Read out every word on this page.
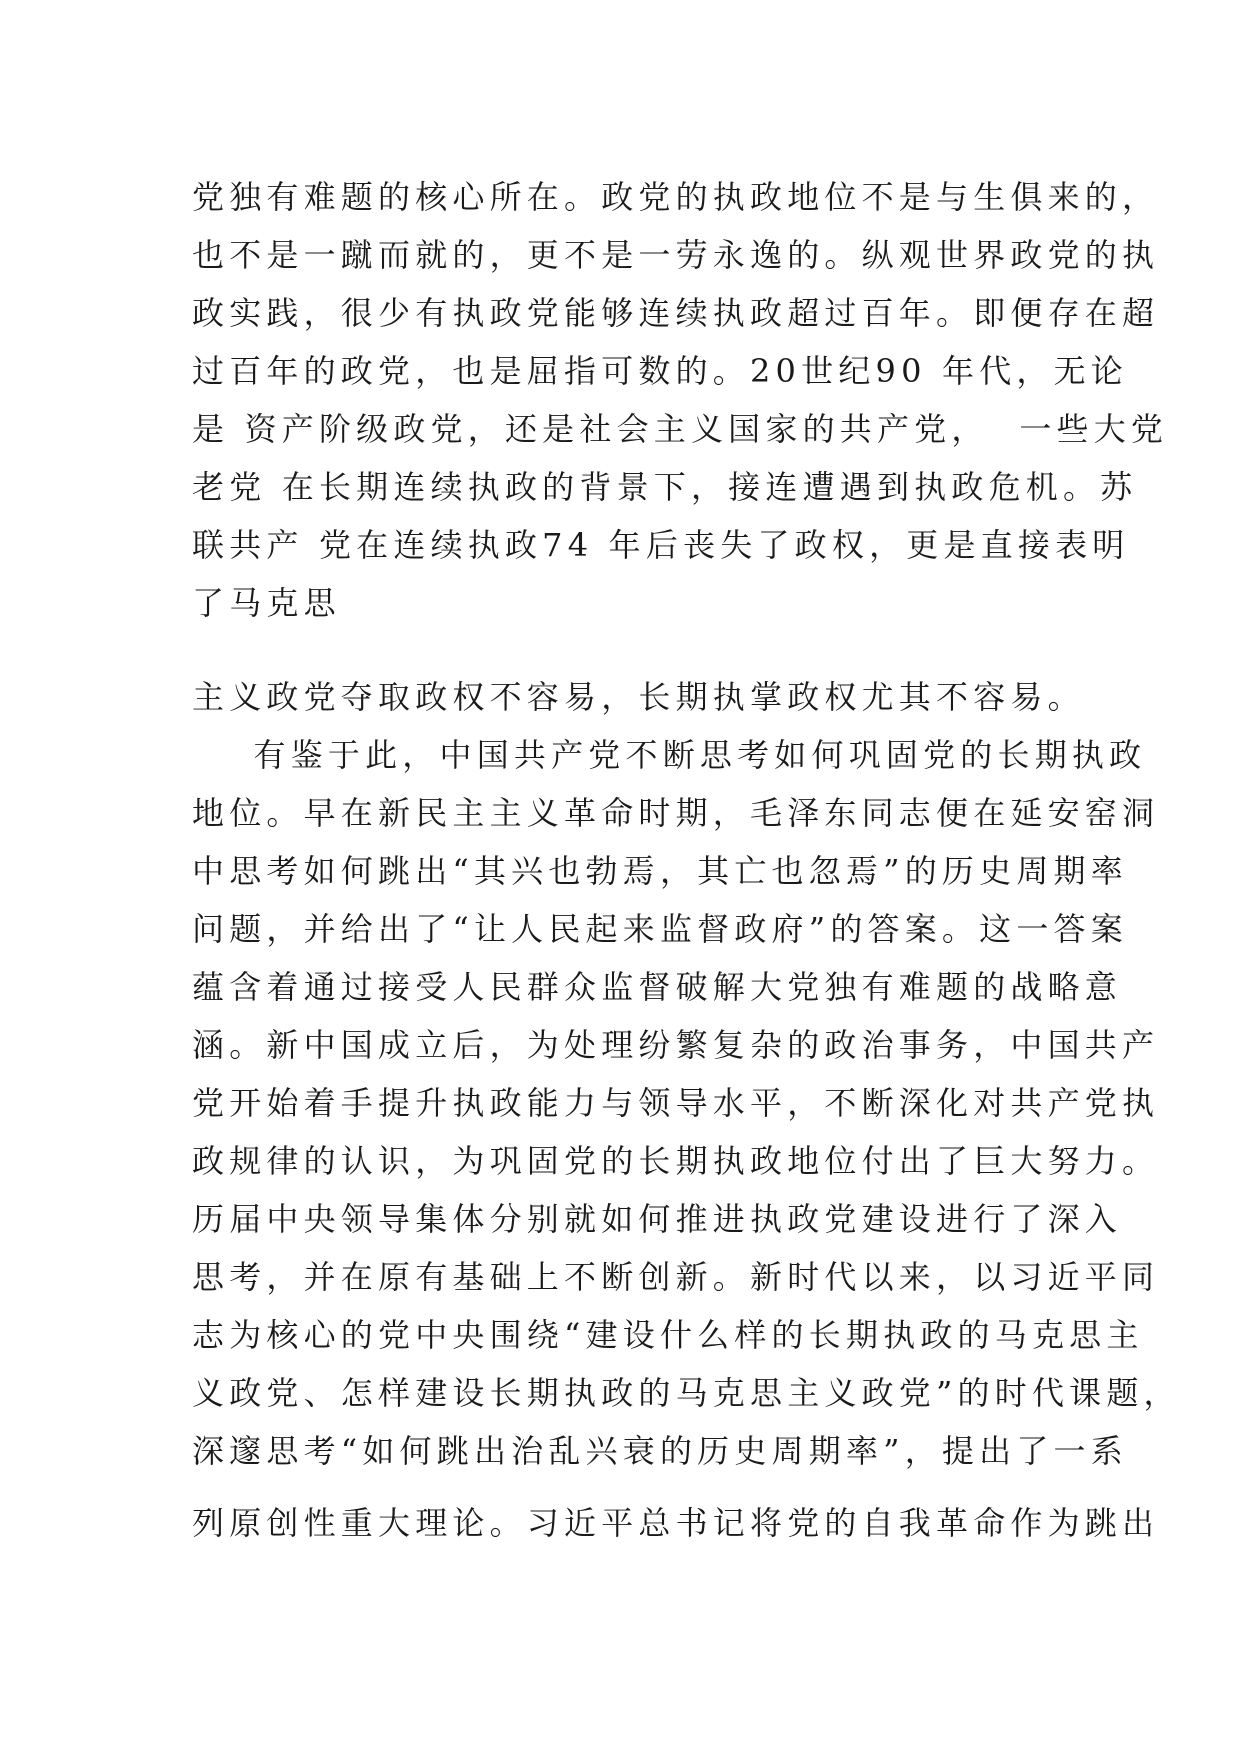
党独有难题的核心所在。政党的执政地位不是与生俱来的，
也不是一蹴而就的，更不是一劳永逸的。纵观世界政党的执
政实践，很少有执政党能够连续执政超过百年。即便存在超
过百年的政党，也是屈指可数的。20世纪90 年代，无论
是 资产阶级政党，还是社会主义国家的共产党，  一些大党
老党 在长期连续执政的背景下，接连遭遇到执政危机。苏
联共产 党在连续执政74 年后丧失了政权，更是直接表明
了马克思
主义政党夺取政权不容易，长期执掌政权尤其不容易。
有鉴于此，中国共产党不断思考如何巩固党的长期执政
地位。早在新民主主义革命时期，毛泽东同志便在延安窑洞
中思考如何跳出“其兴也勃焉，其亡也忽焉”的历史周期率
问题，并给出了“让人民起来监督政府”的答案。这一答案
蕴含着通过接受人民群众监督破解大党独有难题的战略意
涵。新中国成立后，为处理纷繁复杂的政治事务，中国共产
党开始着手提升执政能力与领导水平，不断深化对共产党执
政规律的认识，为巩固党的长期执政地位付出了巨大努力。
历届中央领导集体分别就如何推进执政党建设进行了深入
思考，并在原有基础上不断创新。新时代以来，以习近平同
志为核心的党中央围绕“建设什么样的长期执政的马克思主
义政党、怎样建设长期执政的马克思主义政党”的时代课题，
深邃思考“如何跳出治乱兴衰的历史周期率”，提出了一系
列原创性重大理论。习近平总书记将党的自我革命作为跳出
